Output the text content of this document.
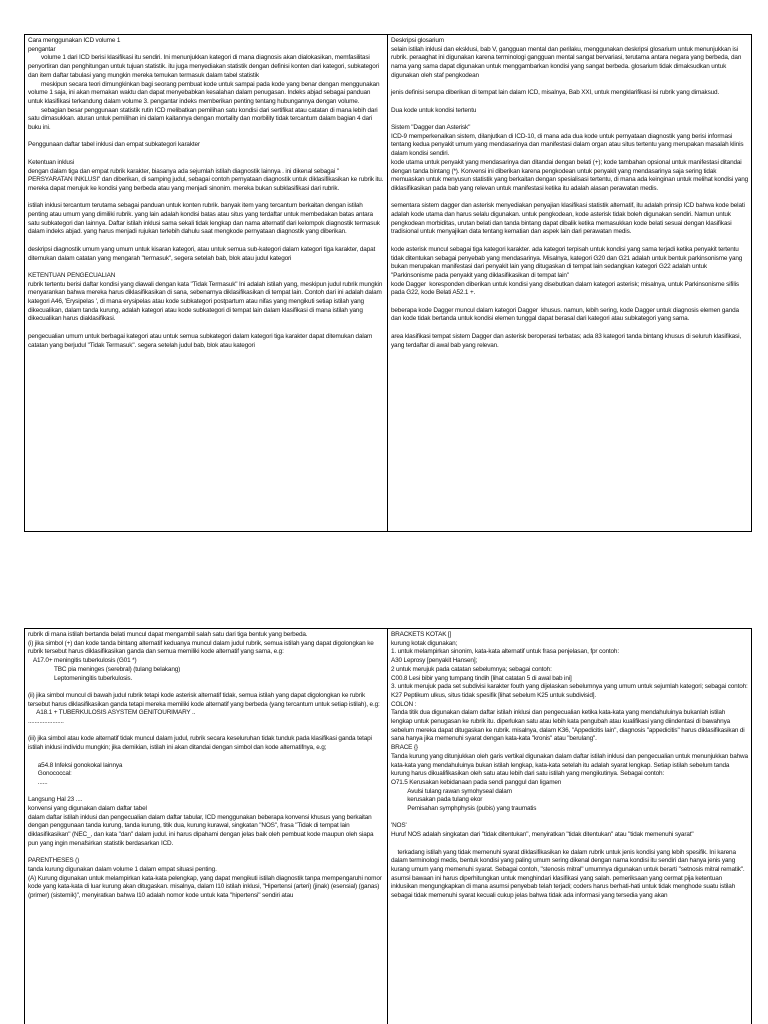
Cara menggunakan ICD volume 1
pengantar
volume 1 dari ICD berisi klasifikasi itu sendiri. Ini menunjukkan kategori di mana diagnosis akan dialokasikan, memfasilitasi penyortiran dan penghitungan untuk tujuan statistik. itu juga menyediakan statistik dengan definisi konten dari kategori, subkategori dan item daftar tabulasi yang mungkin mereka temukan termasuk dalam tabel statistik
meskipun secara teori dimungkinkan bagi seorang pembuat kode untuk sampai pada kode yang benar dengan menggunakan volume 1 saja, ini akan memakan waktu dan dapat menyebabkan kesalahan dalam penugasan. Indeks abjad sebagai panduan untuk klasifikasi terkandung dalam volume 3. pengantar indeks memberikan penting tentang hubungannya dengan volume.
sebagian besar penggunaan statistik rutin ICD melibatkan pemilihan satu kondisi dari sertifikat atau catatan di mana lebih dari satu dimasukkan. aturan untuk pemilihan ini dalam kaitannya dengan mortality dan morbility tidak tercantum dalam bagian 4 dari buku ini.
Penggunaan daftar tabel inklusi dan empat subkategori karakter
Ketentuan inklusi
dengan dalam tiga dan empat rubrik karakter, biasanya ada sejumlah istilah diagnostik lainnya . ini dikenal sebagai " PERSYARATAN INKLUSI" dan diberikan, di samping judul, sebagai contoh pernyataan diagnostik untuk diklasifikasikan ke rubrik itu. mereka dapat merujuk ke kondisi yang berbeda atau yang menjadi sinonim. mereka bukan subklasifikasi dari rubrik.
istilah inklusi tercantum terutama sebagai panduan untuk konten rubrik. banyak item yang tercantum berkaitan dengan istilah penting atau umum yang dimiliki rubrik. yang lain adalah kondisi batas atau situs yang terdaftar untuk membedakan batas antara satu subkategori dan lainnya. Daftar istilah inklusi sama sekali tidak lengkap dan nama alternatif dari kelompok diagnostik termasuk dalam indeks abjad. yang harus menjadi rujukan terlebih dahulu saat mengkode pernyataan diagnostik yang diberikan.
deskripsi diagnostik umum yang umum untuk kisaran kategori, atau untuk semua sub-kategori dalam kategori tiga karakter, dapat ditemukan dalam catatan yang mengarah "termasuk", segera setelah bab, blok atau judul kategori
KETENTUAN PENGECUALIAN
rubrik tertentu berisi daftar kondisi yang diawali dengan kata "Tidak Termasuk" Ini adalah istilah yang, meskipun judul rubrik mungkin menyarankan bahwa mereka harus diklasifikasikan di sana, sebenarnya diklasifikasikan di tempat lain. Contoh dari ini adalah dalam kategori A46, 'Erysipelas ', di mana erysipelas atau kode subkategori postpartum atau nifas yang mengikuti setiap istilah yang dikecualikan, dalam tanda kurung, adalah kategori atau kode subkategori di tempat lain dalam klasifikasi di mana istilah yang dikecualikan harus diaklasifikasi.
pengecualian umum untuk berbagai kategori atau untuk semua subkategori dalam kategori tiga karakter dapat ditemukan dalam catatan yang berjudul "Tidak Termasuk". segera setelah judul bab, blok atau kategori
Deskripsi glosarium
selain istilah inklusi dan eksklusi, bab V, gangguan mental dan perilaku, menggunakan deskripsi glosarium untuk menunjukkan isi rubrik. peraaghat ini digunakan karena terminologi gangguan mental sangat bervariasi, terutama antara negara yang berbeda, dan nama yang sama dapat digunakan untuk menggambarkan kondisi yang sangat berbeda. glosarium tidak dimaksudkan untuk digunakan oleh staf pengkodean
jenis definisi serupa diberikan di tempat lain dalam ICD, misalnya, Bab XXI, untuk mengklarifikasi isi rubrik yang dimaksud.
Dua kode untuk kondisi tertentu
Sistem "Dagger dan Asterisk"
ICD-9 memperkenalkan sistem, dilanjutkan di ICD-10, di mana ada dua kode untuk pernyataan diagnostik yang berisi informasi tentang kedua penyakit umum yang mendasarinya dan manifestasi dalam organ atau situs tertentu yang merupakan masalah klinis dalam kondisi sendiri.
kode utama untuk penyakit yang mendasarinya dan ditandai dengan belati (+); kode tambahan opsional untuk manifestasi ditandai dengan tanda bintang (*). Konvensi ini diberikan karena pengkodean untuk penyakit yang mendasarinya saja sering tidak memuaskan untuk menyusun statistik yang berkaitan dengan spesialisasi tertentu, di mana ada keinginan untuk melihat kondisi yang diklasifikasikan pada bab yang relevan untuk manifestasi ketika itu adalah alasan perawatan medis.
sementara sistem dagger dan asterisk menyediakan penyajian klasifikasi statistik alternatif, itu adalah prinsip ICD bahwa kode belati adalah kode utama dan harus selalu digunakan. untuk pengkodean, kode asterisk tidak boleh digunakan sendiri. Namun untuk pengkodean morbiditas, urutan belati dan tanda bintang dapat dibalik ketika memasukkan kode belati sesuai dengan klasifikasi tradisional untuk menyajikan data tentang kematian dan aspek lain dari perawatan medis.
kode asterisk muncul sebagai tiga kategori karakter. ada kategori terpisah untuk kondisi yang sama terjadi ketika penyakit tertentu tidak ditentukan sebagai penyebab yang mendasarinya. Misalnya, kategori G20 dan G21 adalah untuk bentuk parkinsonisme yang bukan merupakan manifestasi dari penyakit lain yang ditugaskan di tempat lain sedangkan kategori G22 adalah untuk "Parkinsonisme pada penyakit yang diklasifikasikan di tempat lain"
kode Dagger  koresponden diberikan untuk kondisi yang disebutkan dalam kategori asterisk; misalnya, untuk Parkinsonisme sifilis pada G22, kode Belati A52.1 +.
beberapa kode Dagger muncul dalam kategori Dagger  khusus. namun, lebih sering, kode Dagger untuk diagnosis elemen ganda dan kode tidak bertanda untuk kondisi elemen tunggal dapat berasal dari kategori atau subkategori yang sama.
area klasifikasi tempat sistem Dagger dan asterisk beroperasi terbatas; ada 83 kategori tanda bintang khusus di seluruh klasifikasi, yang terdaftar di awal bab yang relevan.
rubrik di mana istilah bertanda belati muncul dapat mengambil salah satu dari tiga bentuk yang berbeda.
(i) jika simbol (+) dan kode tanda bintang alternatif keduanya muncul dalam judul rubrik, semua istilah yang dapat digolongkan ke rubrik tersebut harus diklasifikasikan ganda dan semua memiliki kode alternatif yang sama, e.g:
A17.0+ meningitis tuberkulosis (G01 *)
TBC pia meninges (serebral) (tulang belakang)
Leptomeningitis tuberkulosis.
(ii) jika simbol muncul di bawah judul rubrik tetapi kode asterisk alternatif tidak, semua istilah yang dapat digolongkan ke rubrik tersebut harus diklasifikasikan ganda tetapi mereka memiliki kode alternatif yang berbeda (yang tercantum untuk setiap istilah), e.g:
A18.1 + TUBERKULOSIS ASYSTEM GENITOURIMARY ..
......................
(iii) jika simbol atau kode alternatif tidak muncul dalam judul, rubrik secara keseluruhan tidak tunduk pada klasifikasi ganda tetapi istilah inklusi individu mungkin; jika demikian, istilah ini akan ditandai dengan simbol dan kode alternatifnya, e.g;
a54.8 Infeksi gonokokal lainnya
Gonococcal:
......
Langsung Hal 23 ....
konvensi yang digunakan dalam daftar tabel
dalam daftar istilah inklusi dan pengecualian dalam daftar tabular, ICD menggunakan beberapa konvensi khusus yang berkaitan dengan penggunaan tanda kurung, tanda kurung, titik dua, kurung kurawal, singkatan "NOS", frasa "Tidak di tempat lain diklasifikasikan" (NEC_, dan kata "dan" dalam judul. ini harus dipahami dengan jelas baik oleh pembuat kode maupun oleh siapa pun yang ingin menafsirkan statistik berdasarkan ICD.
PARENTHESES ()
tanda kurung digunakan dalam volume 1 dalam empat situasi penting.
(A) Kurung digunakan untuk melampirkan kata-kata pelengkap, yang dapat mengikuti istilah diagnostik tanpa mempengaruhi nomor kode yang kata-kata di luar kurung akan ditugaskan. misalnya, dalam I10 istilah inklusi, "Hipertensi (arteri) (jinak) (esensial) (ganas) (primer) (sistemik)", menyiratkan bahwa I10 adalah nomor kode untuk kata "hipertensi" sendiri atau
BRACKETS KOTAK []
kurung kotak digunakan;
1. untuk melampirkan sinonim, kata-kata alternatif untuk frasa penjelasan, fpr contoh:
A30 Leprosy [penyakit Hansen];
2 untuk merujuk pada catatan sebelumnya; sebagai contoh:
C00.8 Lesi bibir yang tumpang tindih [lihat catatan 5 di awal bab ini]
3. untuk merujuk pada set subdivisi karakter fouth yang dijelaskan sebelumnya yang umum untuk sejumlah kategori; sebagai contoh:
K27 Peptikum ulkus, situs tidak spesifik [lihat sebelum K25 untuk subdivisid].
COLON :
Tanda titik dua digunakan dalam daftar istilah inklusi dan pengecualian ketika kata-kata yang mendahuluinya bukanlah istilah lengkap untuk penugasan ke rubrik itu. diperlukan satu atau lebih kata pengubah atau kualifikasi yang diindentasi di bawahnya sebelum mereka dapat ditugaskan ke rubrik. misalnya, dalam K36, "Appedicitis lain", diagnosis "appedicitis" harus diklasifikasikan di sana hanya jika memenuhi syarat dengan kata-kata "kronis" atau "berulang".
BRACE {}
Tanda kurung yang ditunjukkan oleh garis vertikal digunakan dalam daftar istilah inklusi dan pengecualian untuk menunjukkan bahwa kata-kata yang mendahuluinya bukan istilah lengkap, kata-kata setelah itu adalah syarat lengkap. Setiap istilah sebelum tanda kurung harus dikualifikasikan oleh satu atau lebih dari satu istilah yang mengikutinya. Sebagai contoh:
O71.5 Kerusakan kebidanaan pada sendi panggul dan ligamen
Avulsi tulang rawan symohyseal dalam
kerusakan pada tulang ekor
Pemisahan symphphysis (pubis) yang traumatis
'NOS'
Huruf NOS adalah singkatan dari "tidak ditentukan", menyiratkan "tidak ditentukan" atau "tidak memenuhi syarat"
terkadang istilah yang tidak memenuhi syarat diklasifikasikan ke dalam rubrik untuk jenis kondisi yang lebih spesifik. Ini karena dalam terminologi medis, bentuk kondisi yang paling umum sering dikenal dengan nama kondisi itu sendiri dan hanya jenis yang kurang umum yang memenuhi syarat. Sebagai contoh, "stenosis mitral" umumnya digunakan untuk berarti "setnosis mitral rematik". asumsi bawaan ini harus diperhitungkan untuk menghindari klasifikasi yang salah. pemeriksaan yang cermat pija ketentuan inklusikan mengungkapkan di mana asumsi penyebab telah terjadi; coders harus berhati-hati untuk tidak menghode suatu istilah sebagai tidak memenuhi syarat kecuali cukup jelas bahwa tidak ada informasi yang tersedia yang akan
